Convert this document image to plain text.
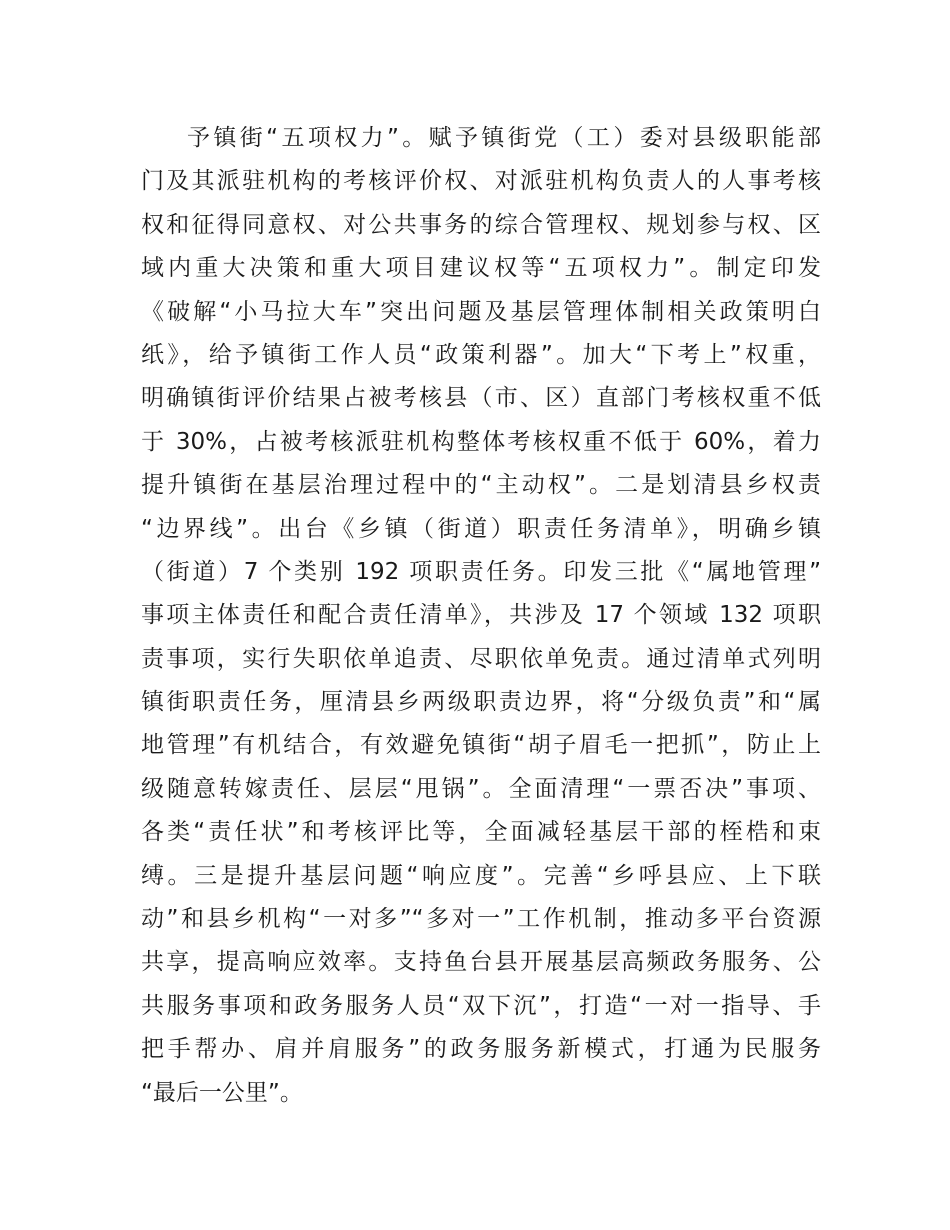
予镇街“五项权力”。赋予镇街党（工）委对县级职能部
门及其派驻机构的考核评价权、对派驻机构负责人的人事考核
权和征得同意权、对公共事务的综合管理权、规划参与权、区
域内重大决策和重大项目建议权等“五项权力”。制定印发
《破解“小马拉大车”突出问题及基层管理体制相关政策明白
纸》，给予镇街工作人员“政策利器”。加大“下考上”权重，
明确镇街评价结果占被考核县（市、区）直部门考核权重不低
于 30%，占被考核派驻机构整体考核权重不低于 60%，着力
提升镇街在基层治理过程中的“主动权”。二是划清县乡权责
“边界线”。出台《乡镇（街道）职责任务清单》，明确乡镇
（街道）7 个类别 192 项职责任务。印发三批《“属地管理”
事项主体责任和配合责任清单》，共涉及 17 个领域 132 项职
责事项，实行失职依单追责、尽职依单免责。通过清单式列明
镇街职责任务，厘清县乡两级职责边界，将“分级负责”和“属
地管理”有机结合，有效避免镇街“胡子眉毛一把抓”，防止上
级随意转嫁责任、层层“甩锅”。全面清理“一票否决”事项、
各类“责任状”和考核评比等，全面减轻基层干部的桎梏和束
缚。三是提升基层问题“响应度”。完善“乡呼县应、上下联
动”和县乡机构“一对多”“多对一”工作机制，推动多平台资源
共享，提高响应效率。支持鱼台县开展基层高频政务服务、公
共服务事项和政务服务人员“双下沉”，打造“一对一指导、手
把手帮办、肩并肩服务”的政务服务新模式，打通为民服务
“最后一公里”。
